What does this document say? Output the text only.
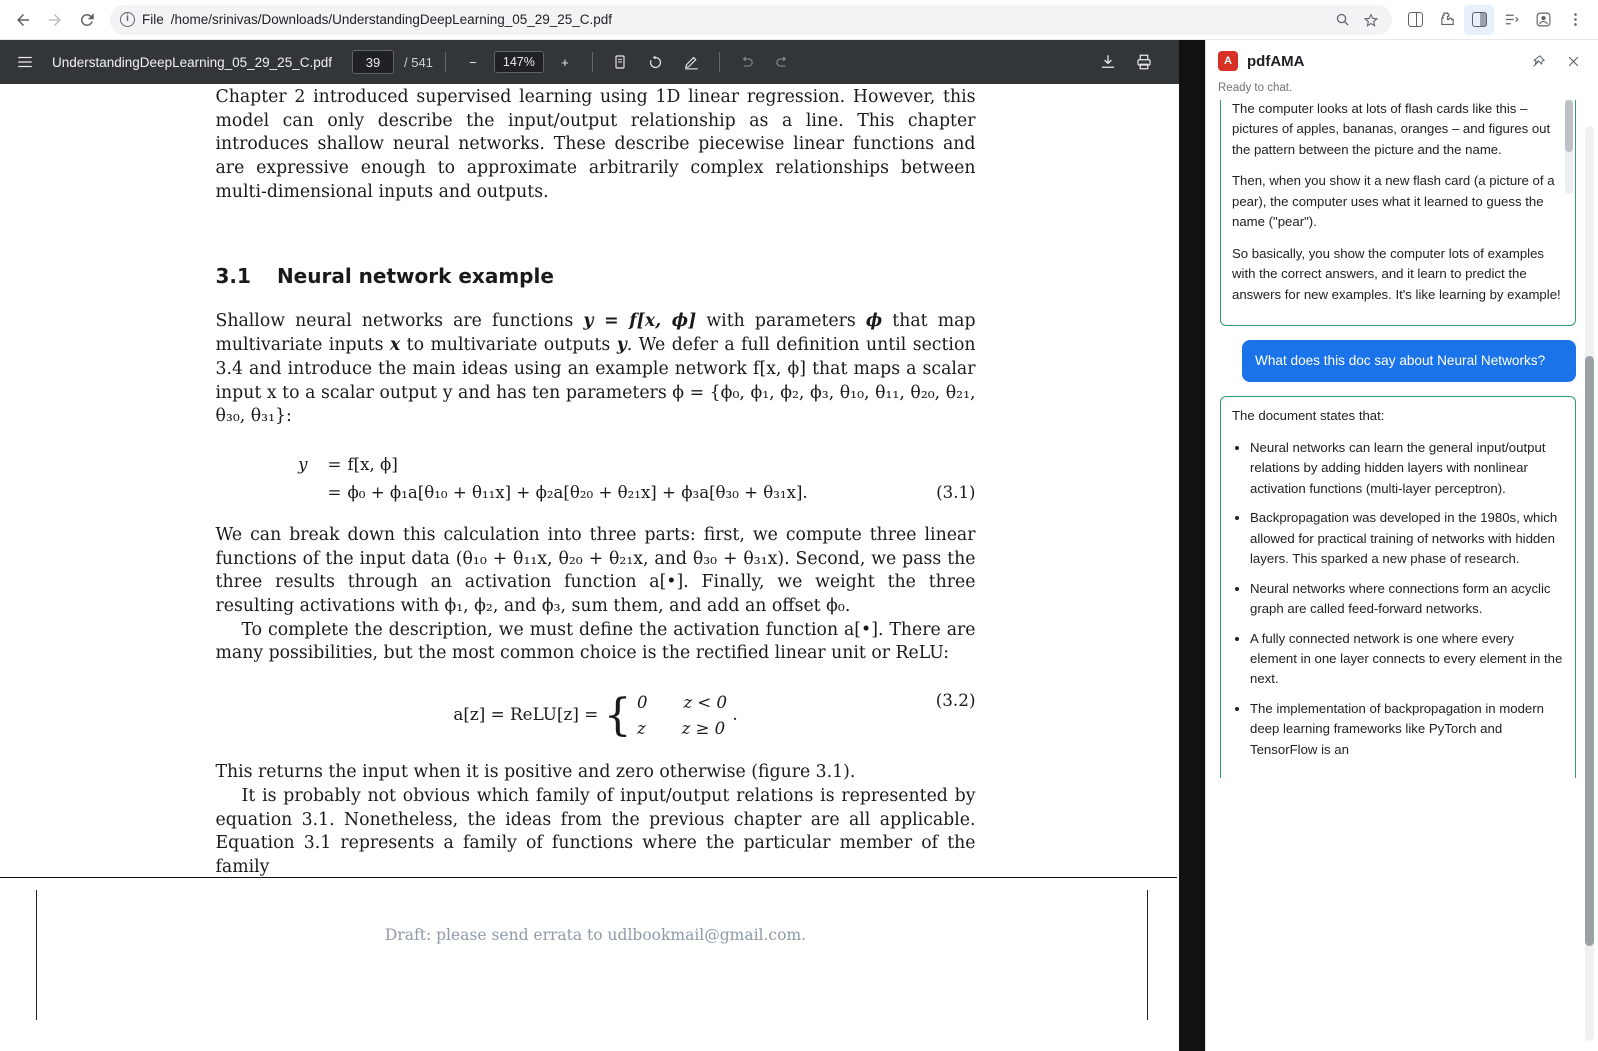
i File /home/srinivas/Downloads/UnderstandingDeepLearning_05_29_25_C.pdf
UnderstandingDeepLearning_05_29_25_C.pdf	39	/ 541	−	147%	+

Chapter 2 introduced supervised learning using 1D linear regression. However, this model can only describe the input/output relationship as a line. This chapter introduces shallow neural networks. These describe piecewise linear functions and are expressive enough to approximate arbitrarily complex relationships between multi-dimensional inputs and outputs.

3.1 Neural network example

Shallow neural networks are functions y = f[x, ϕ] with parameters ϕ that map multivariate inputs x to multivariate outputs y. We defer a full definition until section 3.4 and introduce the main ideas using an example network f[x, ϕ] that maps a scalar input x to a scalar output y and has ten parameters ϕ = {ϕ₀, ϕ₁, ϕ₂, ϕ₃, θ₁₀, θ₁₁, θ₂₀, θ₂₁, θ₃₀, θ₃₁}:

y	= f[x, ϕ]
= ϕ₀ + ϕ₁a[θ₁₀ + θ₁₁x] + ϕ₂a[θ₂₀ + θ₂₁x] + ϕ₃a[θ₃₀ + θ₃₁x].	(3.1)

We can break down this calculation into three parts: first, we compute three linear functions of the input data (θ₁₀ + θ₁₁x, θ₂₀ + θ₂₁x, and θ₃₀ + θ₃₁x). Second, we pass the three results through an activation function a[•]. Finally, we weight the three resulting activations with ϕ₁, ϕ₂, and ϕ₃, sum them, and add an offset ϕ₀.

To complete the description, we must define the activation function a[•]. There are many possibilities, but the most common choice is the rectified linear unit or ReLU:

a[z] = ReLU[z] = { 0 z < 0
z z ≥ 0
.
(3.2)

This returns the input when it is positive and zero otherwise (figure 3.1).

It is probably not obvious which family of input/output relations is represented by equation 3.1. Nonetheless, the ideas from the previous chapter are all applicable. Equation 3.1 represents a family of functions where the particular member of the family

Draft: please send errata to udlbookmail@gmail.com.
A	pdfAMA
Ready to chat.

The computer looks at lots of flash cards like this – pictures of apples, bananas, oranges – and figures out the pattern between the picture and the name.

Then, when you show it a new flash card (a picture of a pear), the computer uses what it learned to guess the name ("pear").

So basically, you show the computer lots of examples with the correct answers, and it learn to predict the answers for new examples. It's like learning by example!

What does this doc say about Neural Networks?

The document states that:

• Neural networks can learn the general input/output relations by adding hidden layers with nonlinear activation functions (multi-layer perceptron).
• Backpropagation was developed in the 1980s, which allowed for practical training of networks with hidden layers. This sparked a new phase of research.
• Neural networks where connections form an acyclic graph are called feed-forward networks.
• A fully connected network is one where every element in one layer connects to every element in the next.
• The implementation of backpropagation in modern deep learning frameworks like PyTorch and TensorFlow is an
